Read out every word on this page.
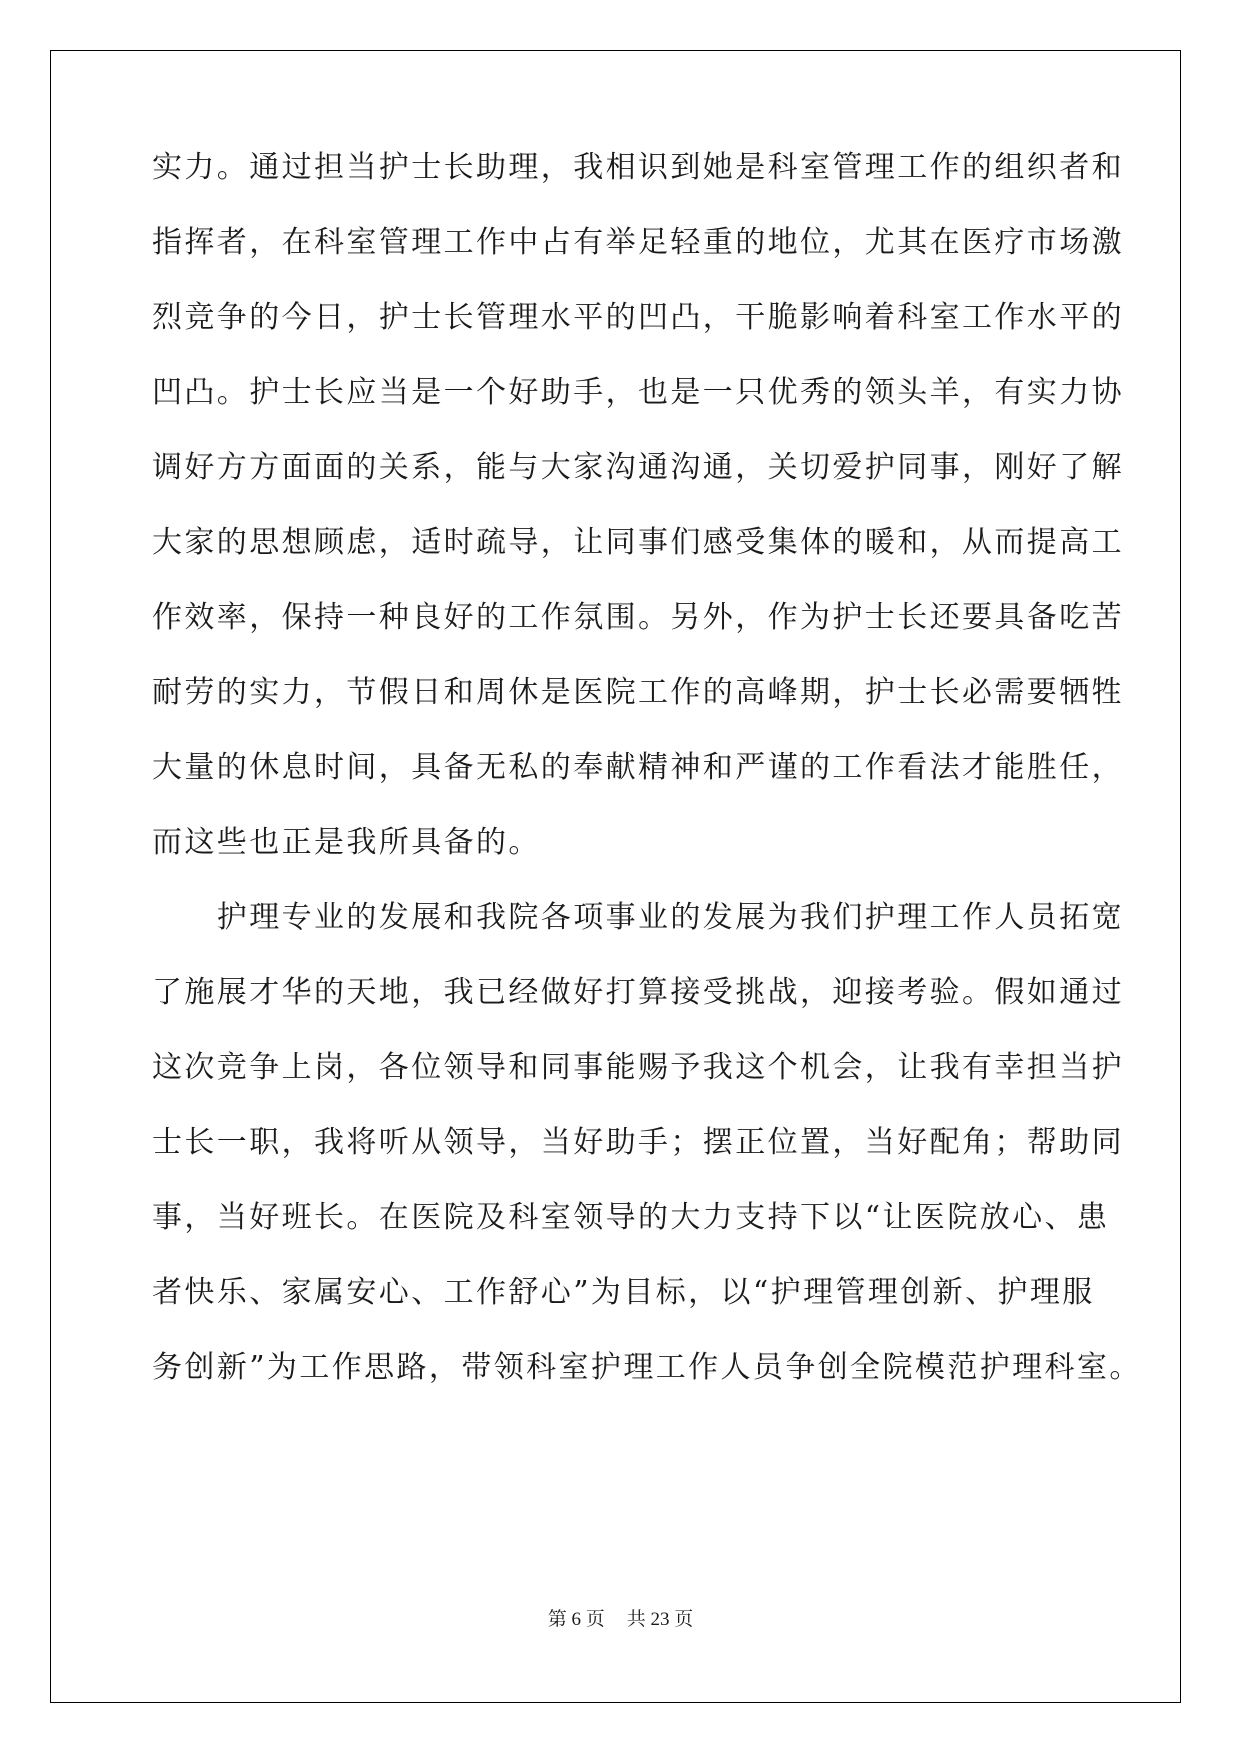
实力。通过担当护士长助理，我相识到她是科室管理工作的组织者和
指挥者，在科室管理工作中占有举足轻重的地位，尤其在医疗市场激
烈竞争的今日，护士长管理水平的凹凸，干脆影响着科室工作水平的
凹凸。护士长应当是一个好助手，也是一只优秀的领头羊，有实力协
调好方方面面的关系，能与大家沟通沟通，关切爱护同事，刚好了解
大家的思想顾虑，适时疏导，让同事们感受集体的暖和，从而提高工
作效率，保持一种良好的工作氛围。另外，作为护士长还要具备吃苦
耐劳的实力，节假日和周休是医院工作的高峰期，护士长必需要牺牲
大量的休息时间，具备无私的奉献精神和严谨的工作看法才能胜任，
而这些也正是我所具备的。
　　护理专业的发展和我院各项事业的发展为我们护理工作人员拓宽
了施展才华的天地，我已经做好打算接受挑战，迎接考验。假如通过
这次竞争上岗，各位领导和同事能赐予我这个机会，让我有幸担当护
士长一职，我将听从领导，当好助手；摆正位置，当好配角；帮助同
事，当好班长。在医院及科室领导的大力支持下以“让医院放心、患
者快乐、家属安心、工作舒心”为目标，以“护理管理创新、护理服
务创新”为工作思路，带领科室护理工作人员争创全院模范护理科室。
第 6 页 共 23 页
